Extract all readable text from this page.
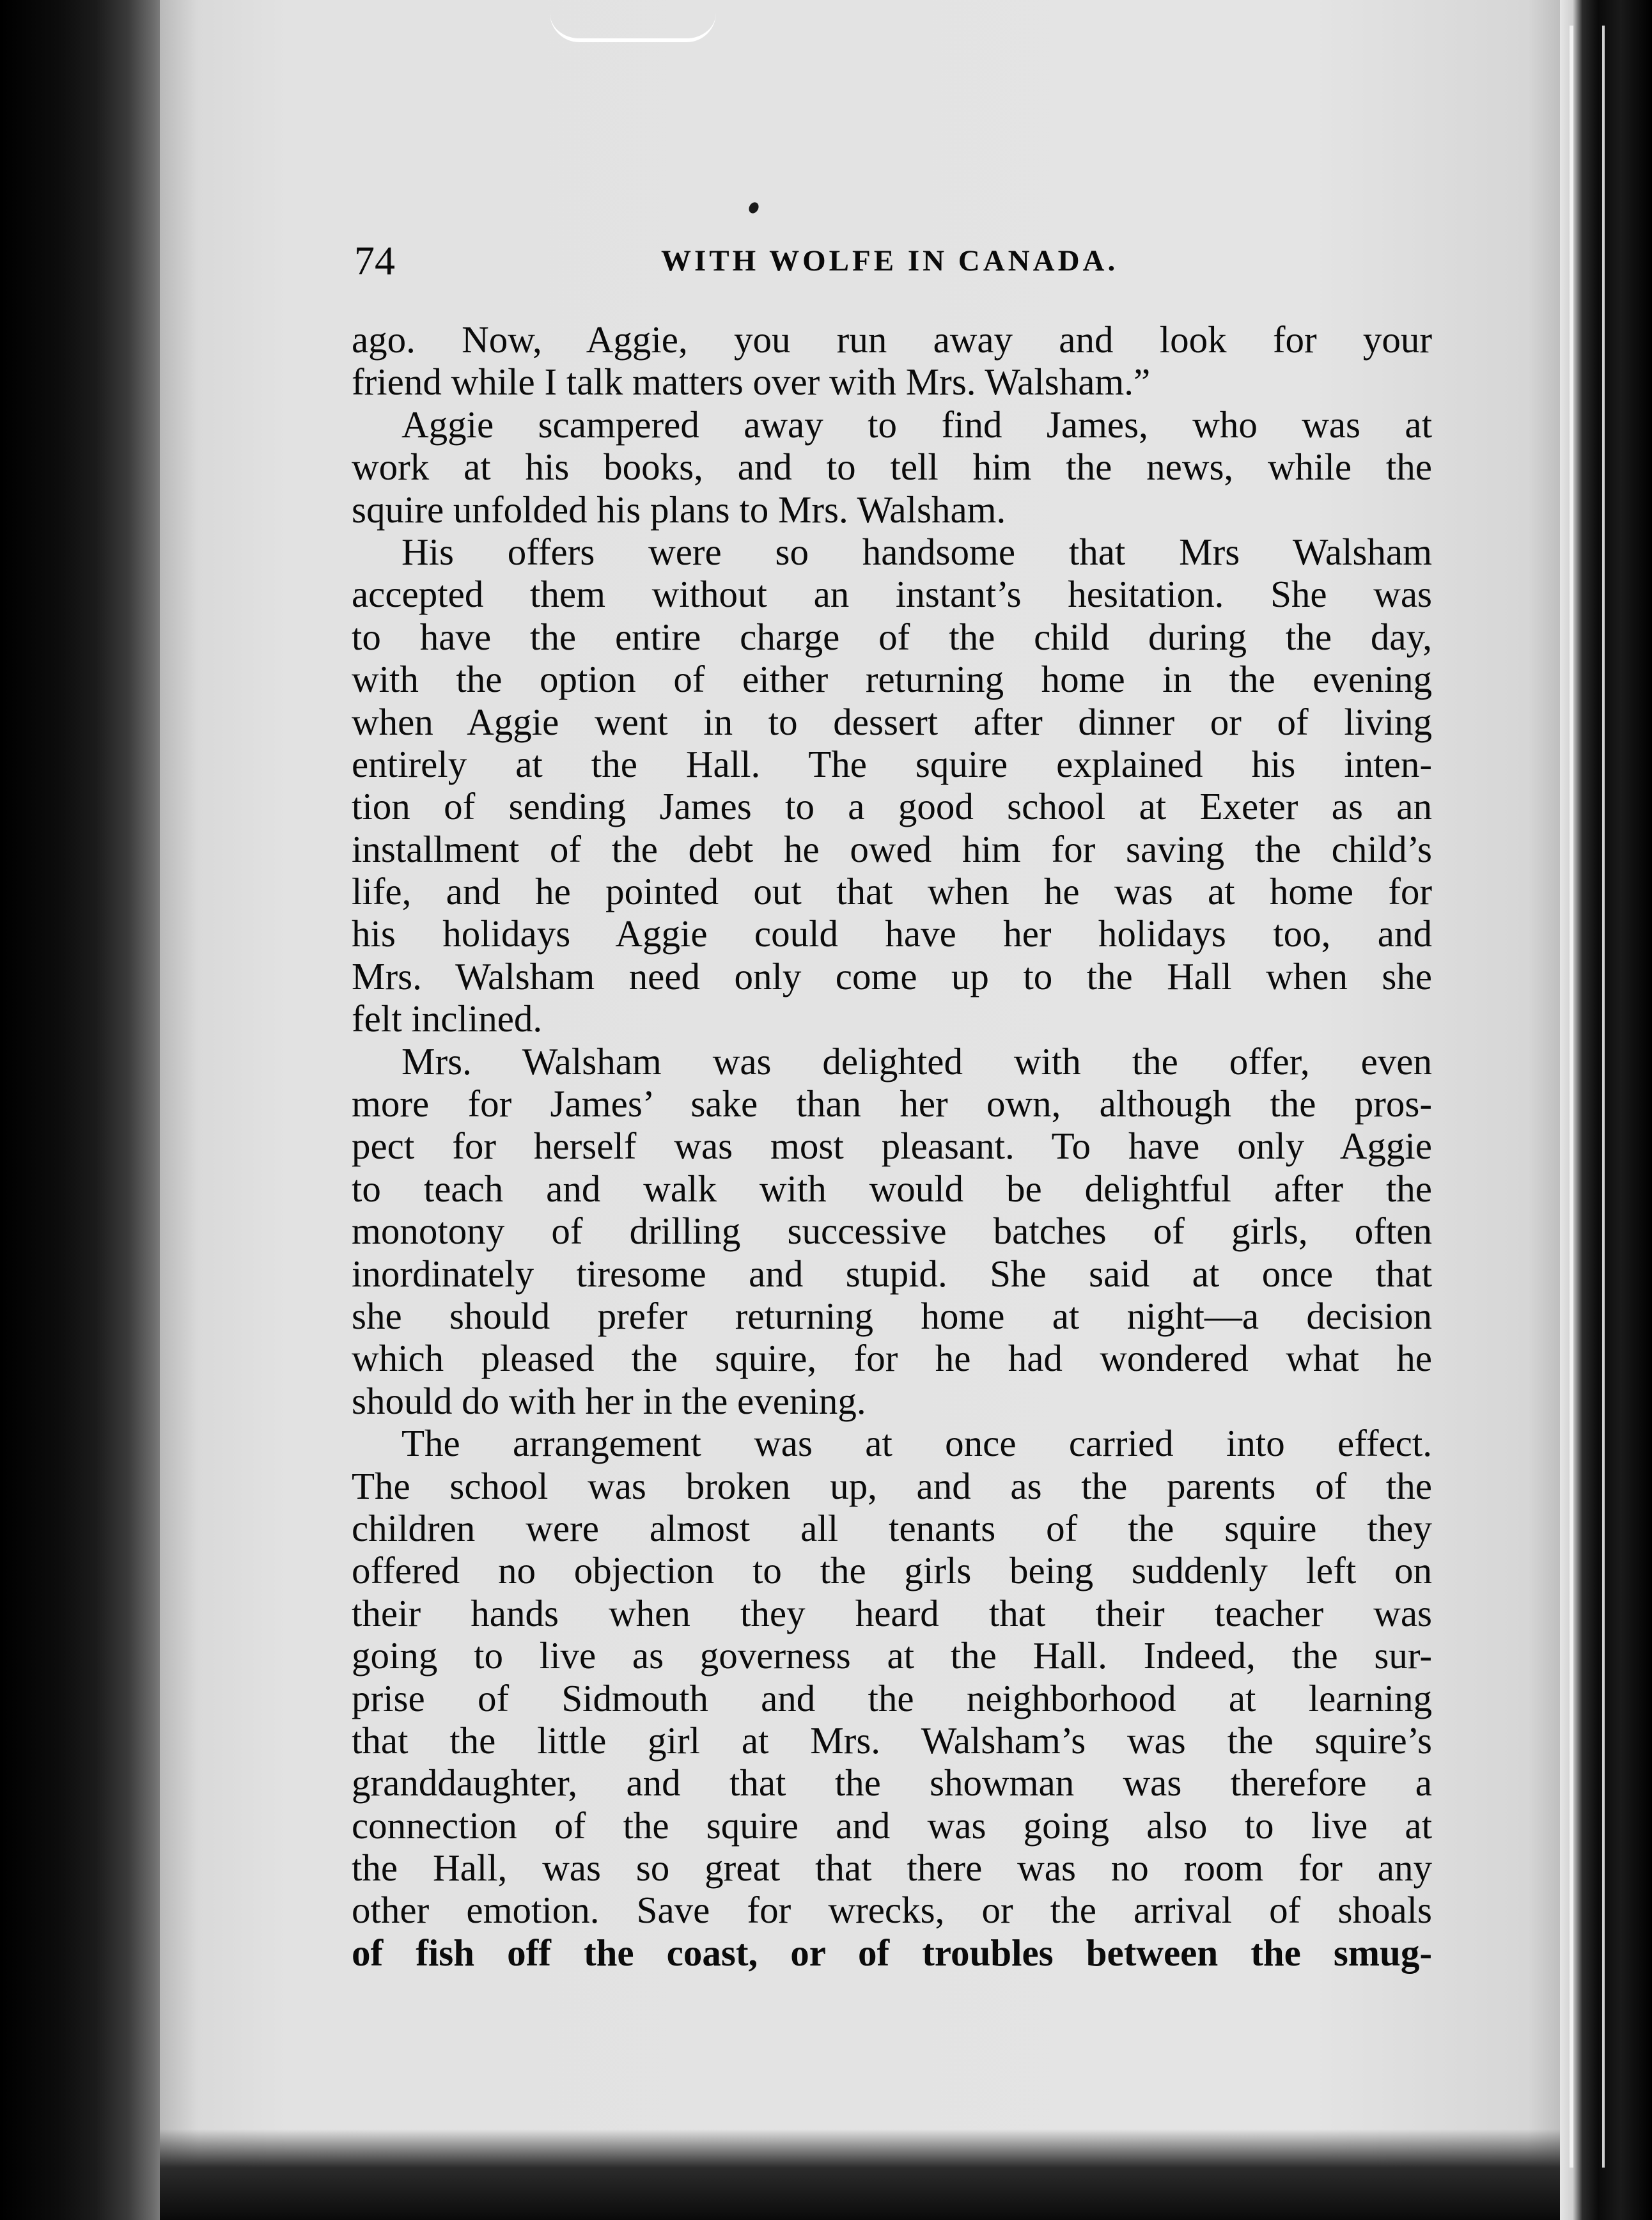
74	WITH WOLFE IN CANADA.
ago. Now, Aggie, you run away and look for your
friend while I talk matters over with Mrs. Walsham.”
Aggie scampered away to find James, who was at
work at his books, and to tell him the news, while the
squire unfolded his plans to Mrs. Walsham.
His offers were so handsome that Mrs Walsham
accepted them without an instant’s hesitation. She was
to have the entire charge of the child during the day,
with the option of either returning home in the evening
when Aggie went in to dessert after dinner or of living
entirely at the Hall. The squire explained his inten-
tion of sending James to a good school at Exeter as an
installment of the debt he owed him for saving the child’s
life, and he pointed out that when he was at home for
his holidays Aggie could have her holidays too, and
Mrs. Walsham need only come up to the Hall when she
felt inclined.
Mrs. Walsham was delighted with the offer, even
more for James’ sake than her own, although the pros-
pect for herself was most pleasant. To have only Aggie
to teach and walk with would be delightful after the
monotony of drilling successive batches of girls, often
inordinately tiresome and stupid. She said at once that
she should prefer returning home at night—a decision
which pleased the squire, for he had wondered what he
should do with her in the evening.
The arrangement was at once carried into effect.
The school was broken up, and as the parents of the
children were almost all tenants of the squire they
offered no objection to the girls being suddenly left on
their hands when they heard that their teacher was
going to live as governess at the Hall. Indeed, the sur-
prise of Sidmouth and the neighborhood at learning
that the little girl at Mrs. Walsham’s was the squire’s
granddaughter, and that the showman was therefore a
connection of the squire and was going also to live at
the Hall, was so great that there was no room for any
other emotion. Save for wrecks, or the arrival of shoals
of fish off the coast, or of troubles between the smug-
